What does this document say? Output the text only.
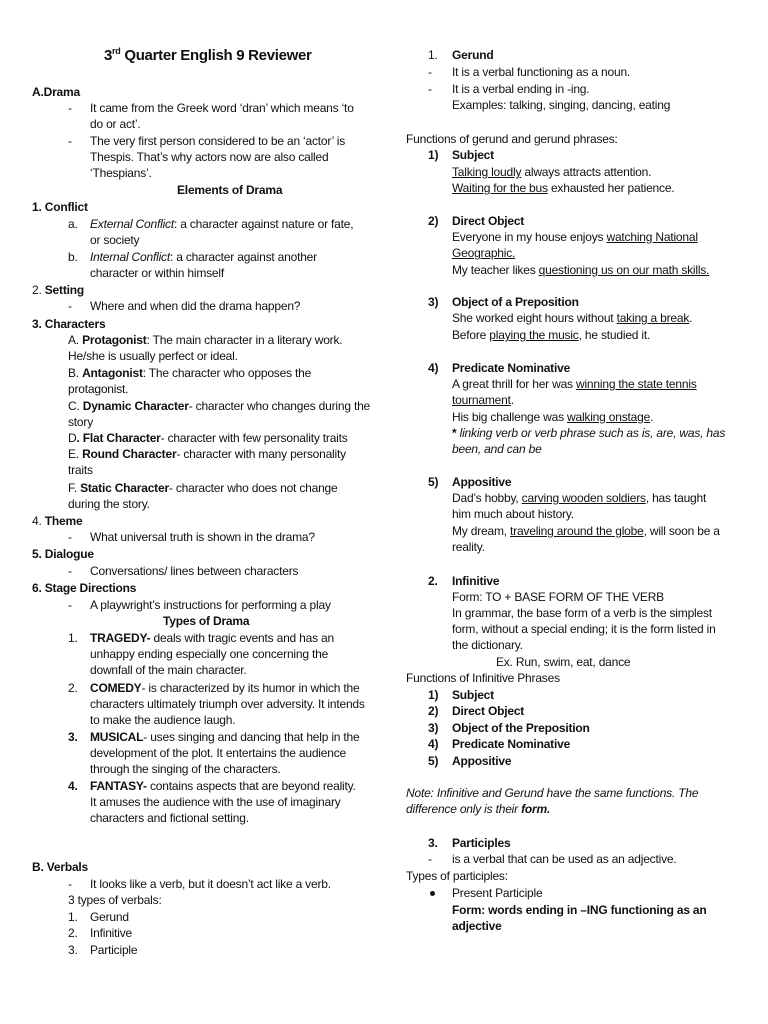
3rd Quarter English 9 Reviewer
A.Drama
- It came from the Greek word ‘dran’ which means ‘to
do or act’.
- The very first person considered to be an ‘actor’ is
Thespis. That’s why actors now are also called
‘Thespians’.
Elements of Drama
1. Conflict
a. External Conflict: a character against nature or fate,
or society
b. Internal Conflict: a character against another
character or within himself
2. Setting
- Where and when did the drama happen?
3. Characters
A. Protagonist: The main character in a literary work.
He/she is usually perfect or ideal.
B. Antagonist: The character who opposes the
protagonist.
C. Dynamic Character- character who changes during the
story
D. Flat Character- character with few personality traits
E. Round Character- character with many personality
traits
F. Static Character- character who does not change
during the story.
4. Theme
- What universal truth is shown in the drama?
5. Dialogue
- Conversations/ lines between characters
6. Stage Directions
- A playwright’s instructions for performing a play
Types of Drama
1. TRAGEDY- deals with tragic events and has an
unhappy ending especially one concerning the
downfall of the main character.
2. COMEDY- is characterized by its humor in which the
characters ultimately triumph over adversity. It intends
to make the audience laugh.
3. MUSICAL- uses singing and dancing that help in the
development of the plot. It entertains the audience
through the singing of the characters.
4. FANTASY- contains aspects that are beyond reality.
It amuses the audience with the use of imaginary
characters and fictional setting.
B. Verbals
- It looks like a verb, but it doesn’t act like a verb.
3 types of verbals:
1. Gerund
2. Infinitive
3. Participle
1. Gerund
- It is a verbal functioning as a noun.
- It is a verbal ending in -ing.
Examples: talking, singing, dancing, eating
Functions of gerund and gerund phrases:
1) Subject
Talking loudly always attracts attention.
Waiting for the bus exhausted her patience.
2) Direct Object
Everyone in my house enjoys watching National
Geographic.
My teacher likes questioning us on our math skills.
3) Object of a Preposition
She worked eight hours without taking a break.
Before playing the music, he studied it.
4) Predicate Nominative
A great thrill for her was winning the state tennis
tournament.
His big challenge was walking onstage.
* linking verb or verb phrase such as is, are, was, has
been, and can be
5) Appositive
Dad’s hobby, carving wooden soldiers, has taught
him much about history.
My dream, traveling around the globe, will soon be a
reality.
2. Infinitive
Form: TO + BASE FORM OF THE VERB
In grammar, the base form of a verb is the simplest
form, without a special ending; it is the form listed in
the dictionary.
Ex. Run, swim, eat, dance
Functions of Infinitive Phrases
1) Subject
2) Direct Object
3) Object of the Preposition
4) Predicate Nominative
5) Appositive
Note: Infinitive and Gerund have the same functions. The
difference only is their form.
3. Participles
- is a verbal that can be used as an adjective.
Types of participles:
Present Participle
Form: words ending in –ING functioning as an
adjective
